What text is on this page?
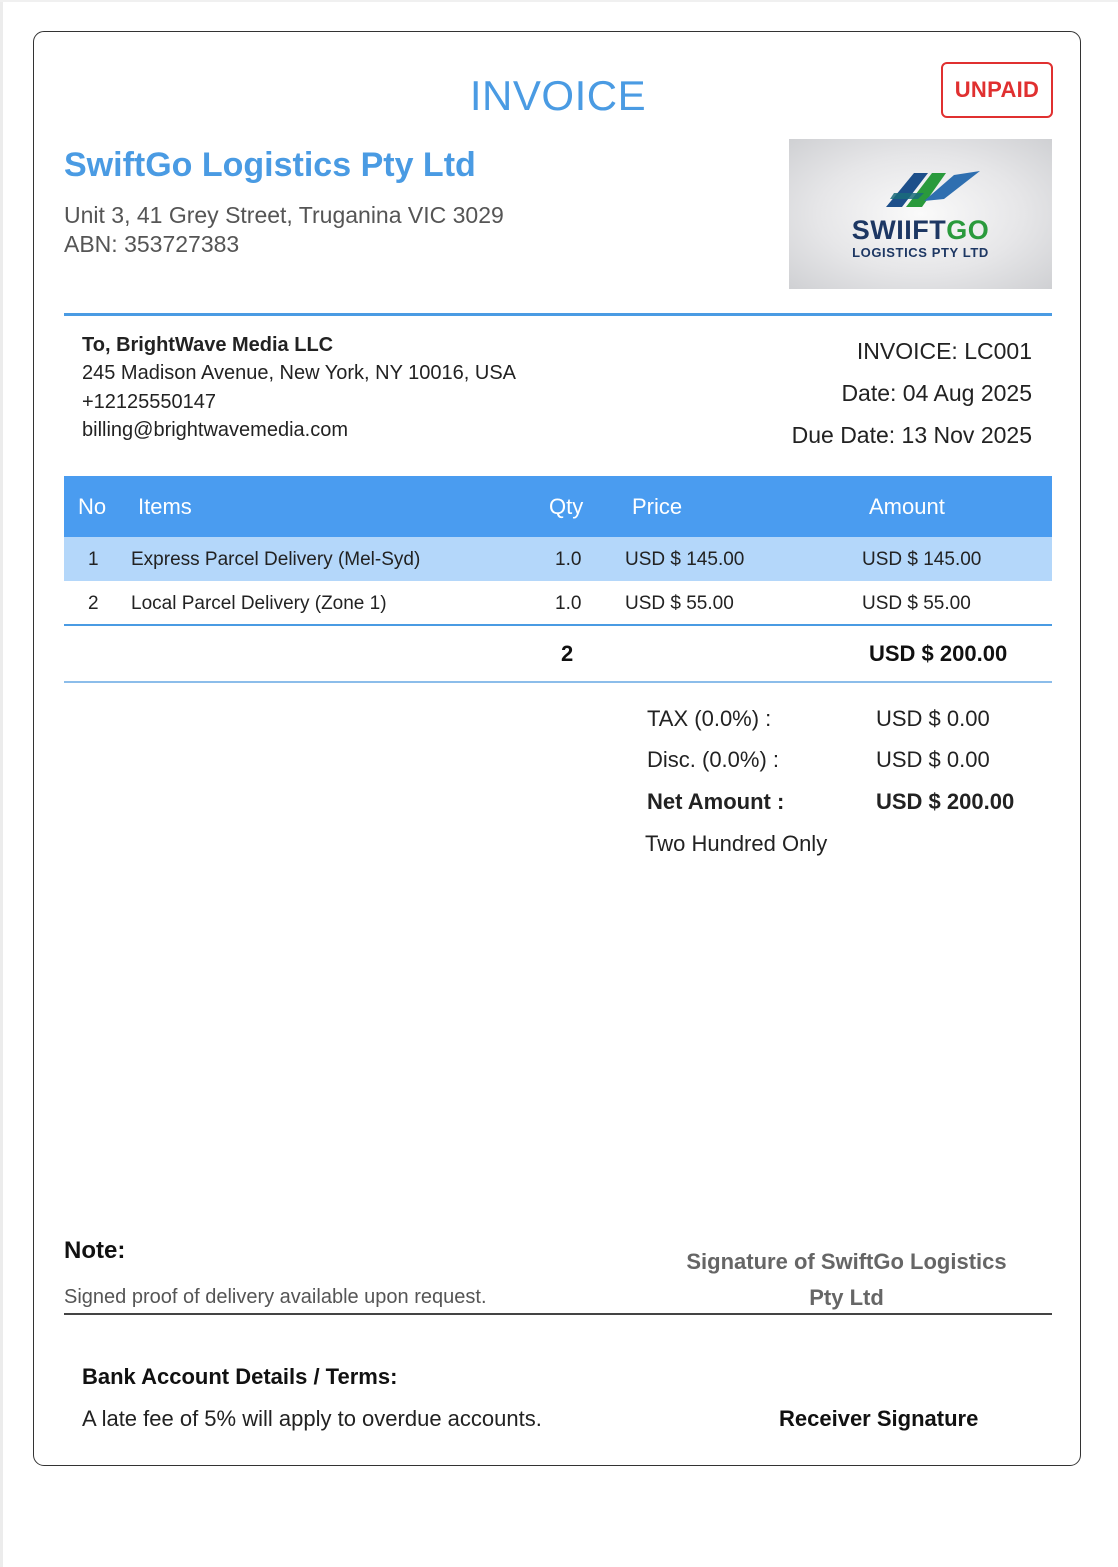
INVOICE	UNPAID
SwiftGo Logistics Pty Ltd
Unit 3, 41 Grey Street, Truganina VIC 3029
ABN: 353727383	SWIIFTGO
LOGISTICS PTY LTD
To, BrightWave Media LLC
245 Madison Avenue, New York, NY 10016, USA
+12125550147
billing@brightwavemedia.com
INVOICE: LC001
Date: 04 Aug 2025
Due Date: 13 Nov 2025
No Items	Qty Price	Amount
1 Express Parcel Delivery (Mel-Syd)	1.0 USD $ 145.00	USD $ 145.00
2 Local Parcel Delivery (Zone 1)	1.0 USD $ 55.00	USD $ 55.00
2	USD $ 200.00
TAX (0.0%) :	USD $ 0.00
Disc. (0.0%) :	USD $ 0.00
Net Amount :	USD $ 200.00
Two Hundred Only
Note:
Signed proof of delivery available upon request.
Signature of SwiftGo Logistics
Pty Ltd
Bank Account Details / Terms:
A late fee of 5% will apply to overdue accounts.	Receiver Signature
